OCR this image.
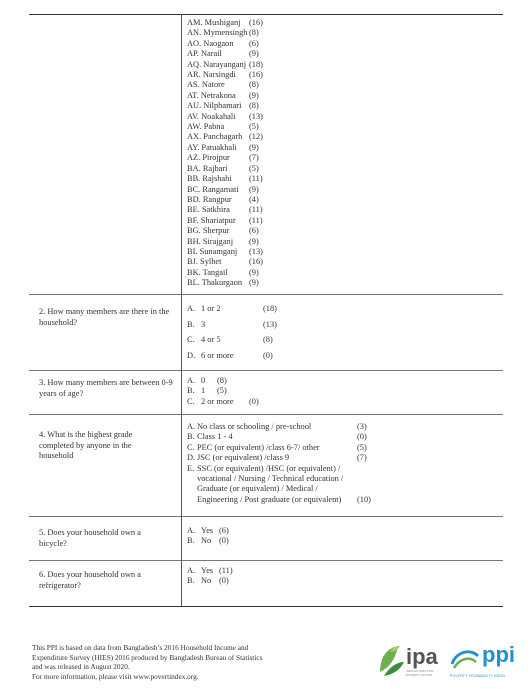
AM. Mushiganj (16)
AN. Mymensingh (8)
AO. Naogaon (6)
AP. Narail	(9)
AQ. Narayanganj (18)
AR. Narsingdi (16)
AS. Natore	(8)
AT. Netrakona (9)
AU. Nilphamari (8)
AV. Noakahali (13)
AW. Pabna	(5)
AX. Panchagarh (12)
AY. Patuakhali (9)
AZ. Pirojpur (7)
BA. Rajbari	(5)
BB. Rajshahi (11)
BC. Rangamati (9)
BD. Rangpur (4)
BE. Satkhira (11)
BF. Shariatpur (11)
BG. Sherpur (6)
BH. Sirajganj (9)
BI. Sunamganj (13)
BJ. Sylhet	(16)
BK. Tangail	(9)
BL. Thakurgaon (9)
2. How many members are there in the household?
A. 1 or 2	(18)
B. 3	(13)
C. 4 or 5	(8)
D. 6 or more	(0)
3. How many members are between 0-9 years of age?
A. 0 (8)
B. 1 (5)
C. 2 or more (0)
4. What is the highest grade completed by anyone in the household
A. No class or schooling / pre-school	(3)
B. Class 1 - 4	(0)
C. PEC (or equivalent) /class 6-7/ other	(5)
D. JSC (or equivalent) /class 9	(7)
E. SSC (or equivalent) /HSC (or equivalent) /
vocational / Nursing / Technical education /
Graduate (or equivalent) / Medical /
Engineering / Post graduate (or equivalent) (10)
5. Does your household own a bicycle?
A. Yes (6)
B. No (0)
6. Does your household own a refrigerator?
A. Yes (11)
B. No (0)
This PPI is based on data from Bangladesh’s 2016 Household Income and
Expenditure Survey (HIES) 2016 produced by Bangladesh Bureau of Statistics
and was released in August 2020.
For more information, please visit www.povertindex.org.
ipa
INNOVATIONS FOR POVERTY ACTION
ppi
POVERTY PROBABILITY INDEX
